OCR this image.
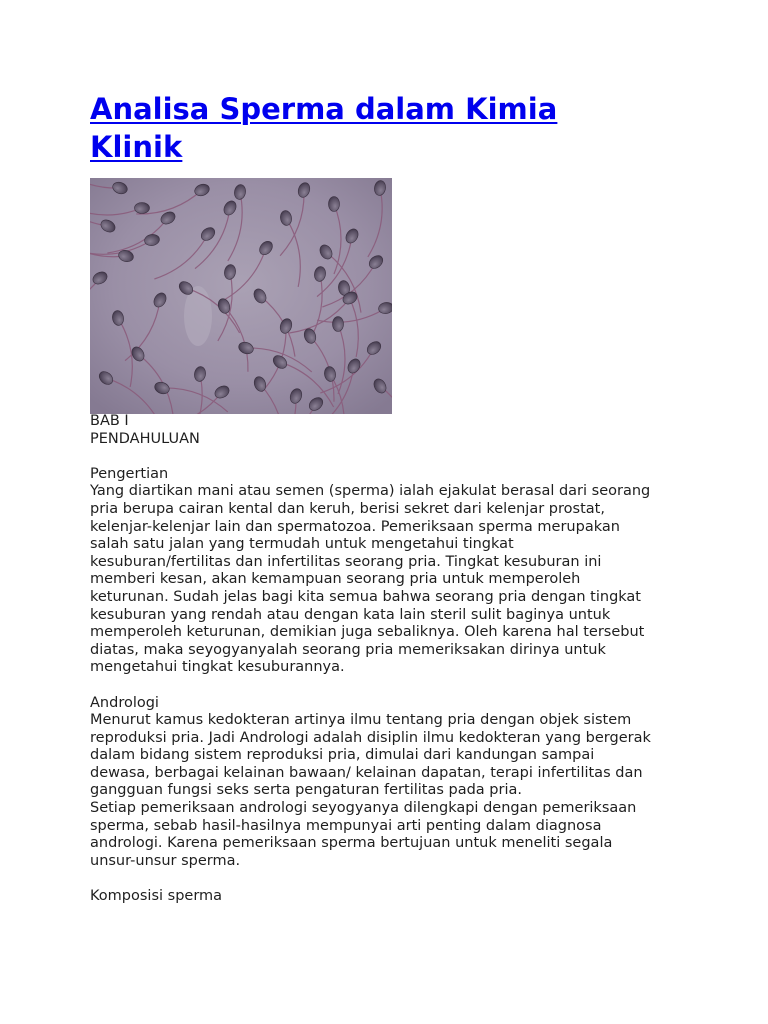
Analisa Sperma dalam Kimia
Klinik
BAB I
PENDAHULUAN
Pengertian
Yang diartikan mani atau semen (sperma) ialah ejakulat berasal dari seorang
pria berupa cairan kental dan keruh, berisi sekret dari kelenjar prostat,
kelenjar-kelenjar lain dan spermatozoa. Pemeriksaan sperma merupakan
salah satu jalan yang termudah untuk mengetahui tingkat
kesuburan/fertilitas dan infertilitas seorang pria. Tingkat kesuburan ini
memberi kesan, akan kemampuan seorang pria untuk memperoleh
keturunan. Sudah jelas bagi kita semua bahwa seorang pria dengan tingkat
kesuburan yang rendah atau dengan kata lain steril sulit baginya untuk
memperoleh keturunan, demikian juga sebaliknya. Oleh karena hal tersebut
diatas, maka seyogyanyalah seorang pria memeriksakan dirinya untuk
mengetahui tingkat kesuburannya.
Andrologi
Menurut kamus kedokteran artinya ilmu tentang pria dengan objek sistem
reproduksi pria. Jadi Andrologi adalah disiplin ilmu kedokteran yang bergerak
dalam bidang sistem reproduksi pria, dimulai dari kandungan sampai
dewasa, berbagai kelainan bawaan/ kelainan dapatan, terapi infertilitas dan
gangguan fungsi seks serta pengaturan fertilitas pada pria.
Setiap pemeriksaan andrologi seyogyanya dilengkapi dengan pemeriksaan
sperma, sebab hasil-hasilnya mempunyai arti penting dalam diagnosa
andrologi. Karena pemeriksaan sperma bertujuan untuk meneliti segala
unsur-unsur sperma.
Komposisi sperma
